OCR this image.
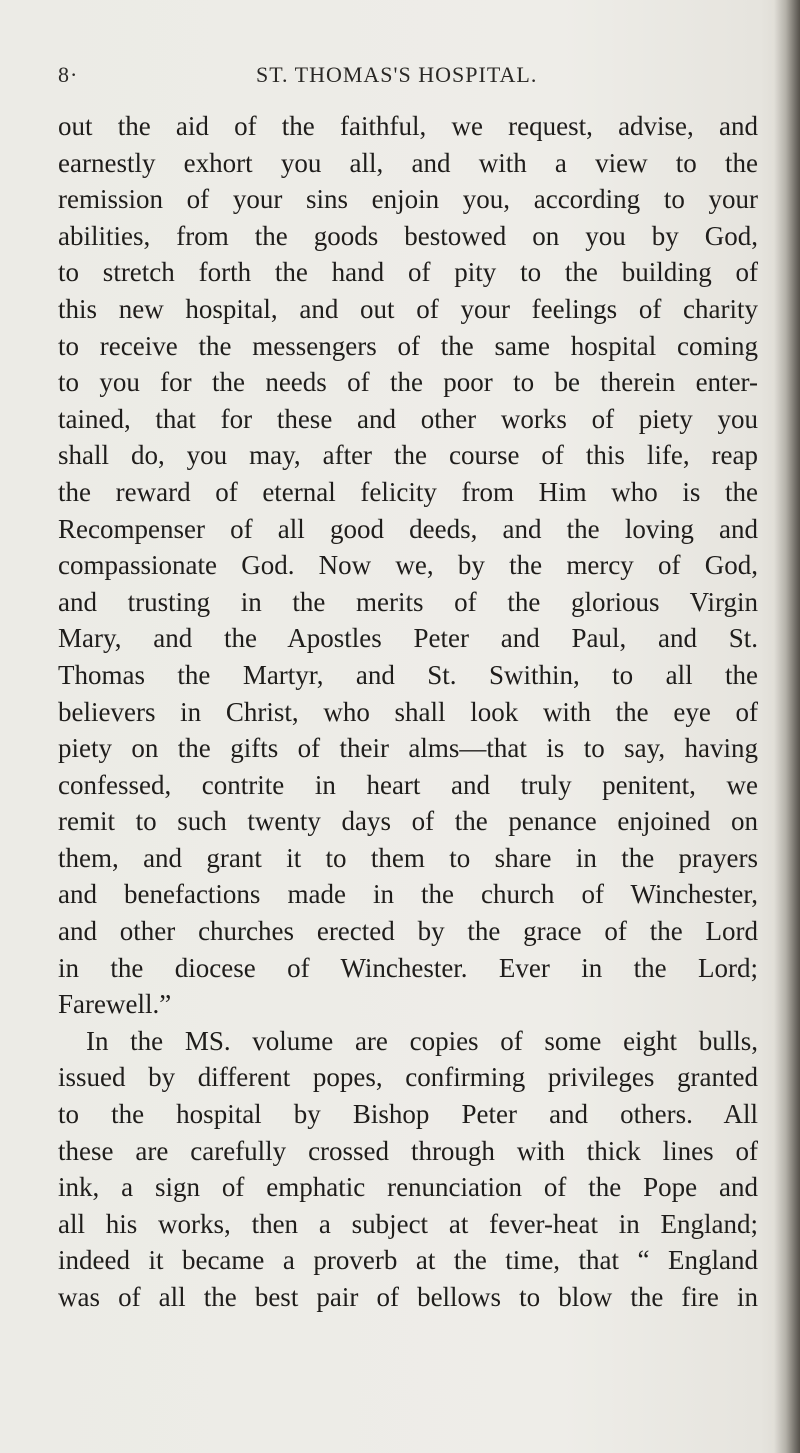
8·	ST. THOMAS'S HOSPITAL.
out the aid of the faithful, we request, advise, and
earnestly exhort you all, and with a view to the
remission of your sins enjoin you, according to your
abilities, from the goods bestowed on you by God,
to stretch forth the hand of pity to the building of
this new hospital, and out of your feelings of charity
to receive the messengers of the same hospital coming
to you for the needs of the poor to be therein enter-
tained, that for these and other works of piety you
shall do, you may, after the course of this life, reap
the reward of eternal felicity from Him who is the
Recompenser of all good deeds, and the loving and
compassionate God. Now we, by the mercy of God,
and trusting in the merits of the glorious Virgin
Mary, and the Apostles Peter and Paul, and St.
Thomas the Martyr, and St. Swithin, to all the
believers in Christ, who shall look with the eye of
piety on the gifts of their alms—that is to say, having
confessed, contrite in heart and truly penitent, we
remit to such twenty days of the penance enjoined on
them, and grant it to them to share in the prayers
and benefactions made in the church of Winchester,
and other churches erected by the grace of the Lord
in the diocese of Winchester. Ever in the Lord;
Farewell.”
In the MS. volume are copies of some eight bulls,
issued by different popes, confirming privileges granted
to the hospital by Bishop Peter and others. All
these are carefully crossed through with thick lines of
ink, a sign of emphatic renunciation of the Pope and
all his works, then a subject at fever-heat in England;
indeed it became a proverb at the time, that “ England
was of all the best pair of bellows to blow the fire in
